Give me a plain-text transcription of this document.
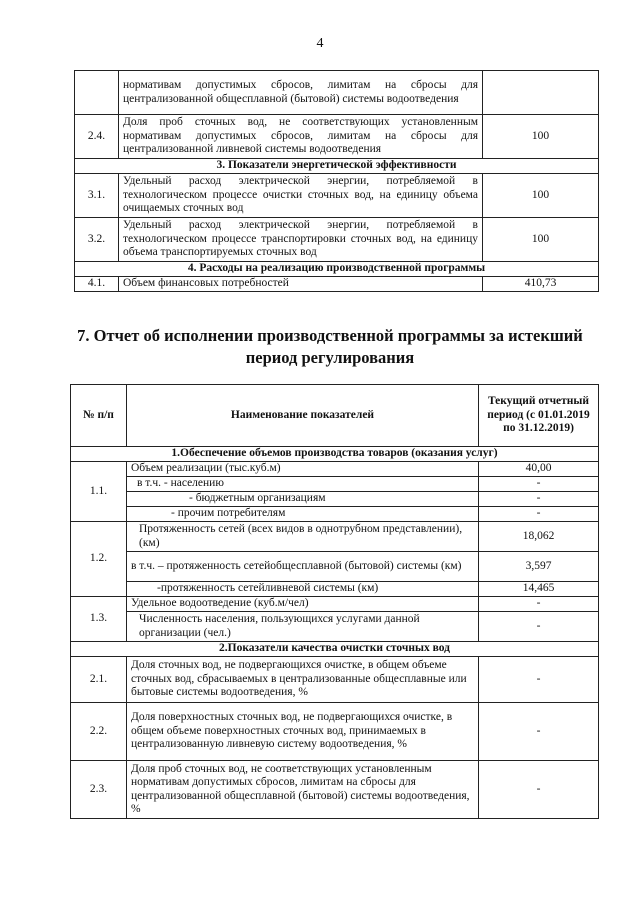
4
	нормативам допустимых сбросов, лимитам на сбросы для централизованной общесплавной (бытовой) системы водоотведения	
2.4.	Доля проб сточных вод, не соответствующих установленным нормативам допустимых сбросов, лимитам на сбросы для централизованной ливневой системы водоотведения	100
3. Показатели энергетической эффективности		
3.1.	Удельный расход электрической энергии, потребляемой в технологическом процессе очистки сточных вод, на единицу объема очищаемых сточных вод	100
3.2.	Удельный расход электрической энергии, потребляемой в технологическом процессе транспортировки сточных вод, на единицу объема транспортируемых сточных вод	100
4. Расходы на реализацию производственной программы		
4.1.	Объем финансовых потребностей	410,73
7. Отчет об исполнении производственной программы за истекший период регулирования
№ п/п	Наименование показателей	Текущий отчетный период (с 01.01.2019 по 31.12.2019)
1.Обеспечение объемов производства товаров (оказания услуг)		
1.1.	Объем реализации (тыс.куб.м)	40,00
	в т.ч. - населению	-
	- бюджетным организациям	-
	- прочим потребителям	-
1.2.	Протяженность сетей (всех видов в однотрубном представлении), (км)	18,062
	в т.ч. – протяженность сетейобщесплавной (бытовой) системы (км)	3,597
	-протяженность сетейливневой системы (км)	14,465
1.3.	Удельное водоотведение (куб.м/чел)	-
	Численность населения, пользующихся услугами данной организации (чел.)	-
2.Показатели качества очистки сточных вод		
2.1.	Доля сточных вод, не подвергающихся очистке, в общем объеме сточных вод, сбрасываемых в централизованные общесплавные или бытовые системы водоотведения, %	-
2.2.	Доля поверхностных сточных вод, не подвергающихся очистке, в общем объеме поверхностных сточных вод, принимаемых в централизованную ливневую систему водоотведения, %	-
2.3.	Доля проб сточных вод, не соответствующих установленным нормативам допустимых сбросов, лимитам на сбросы для централизованной общесплавной (бытовой) системы водоотведения, %	-
